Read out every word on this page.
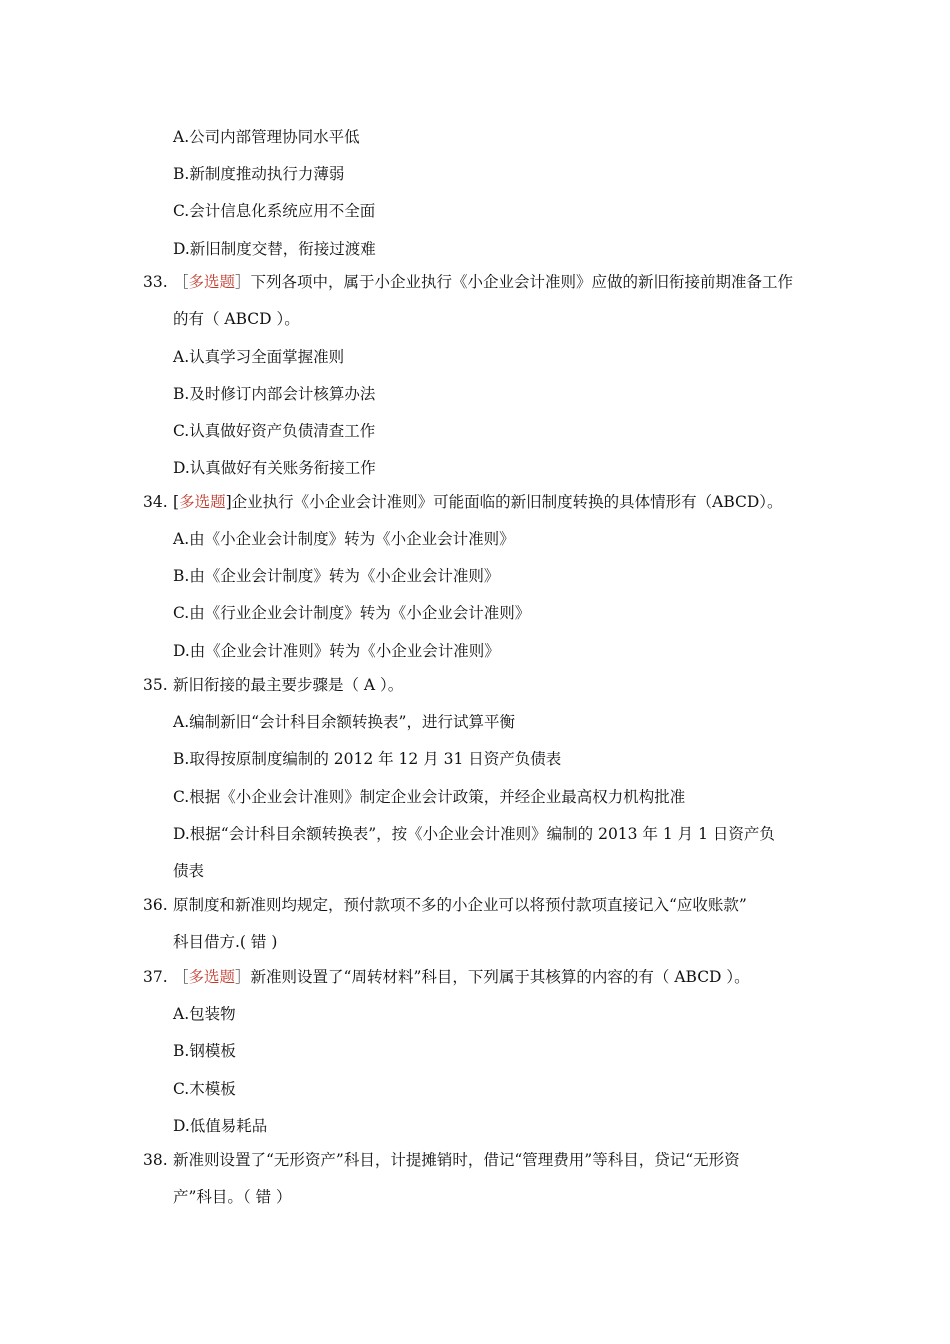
A.公司内部管理协同水平低
B.新制度推动执行力薄弱
C.会计信息化系统应用不全面
D.新旧制度交替，衔接过渡难
33. ［多选题］下列各项中，属于小企业执行《小企业会计准则》应做的新旧衔接前期准备工作
的有（ ABCD ）。
A.认真学习全面掌握准则
B.及时修订内部会计核算办法
C.认真做好资产负债清查工作
D.认真做好有关账务衔接工作
34. [多选题]企业执行《小企业会计准则》可能面临的新旧制度转换的具体情形有（ABCD）。
A.由《小企业会计制度》转为《小企业会计准则》
B.由《企业会计制度》转为《小企业会计准则》
C.由《行业企业会计制度》转为《小企业会计准则》
D.由《企业会计准则》转为《小企业会计准则》
35. 新旧衔接的最主要步骤是（ A ）。
A.编制新旧“会计科目余额转换表”，进行试算平衡
B.取得按原制度编制的 2012 年 12 月 31 日资产负债表
C.根据《小企业会计准则》制定企业会计政策，并经企业最高权力机构批准
D.根据“会计科目余额转换表”，按《小企业会计准则》编制的 2013 年 1 月 1 日资产负
债表
36. 原制度和新准则均规定，预付款项不多的小企业可以将预付款项直接记入“应收账款”
科目借方.( 错 )
37. ［多选题］新准则设置了“周转材料”科目，下列属于其核算的内容的有（ ABCD ）。
A.包装物
B.钢模板
C.木模板
D.低值易耗品
38. 新准则设置了“无形资产”科目，计提摊销时，借记“管理费用”等科目，贷记“无形资
产”科目。（ 错 ）
